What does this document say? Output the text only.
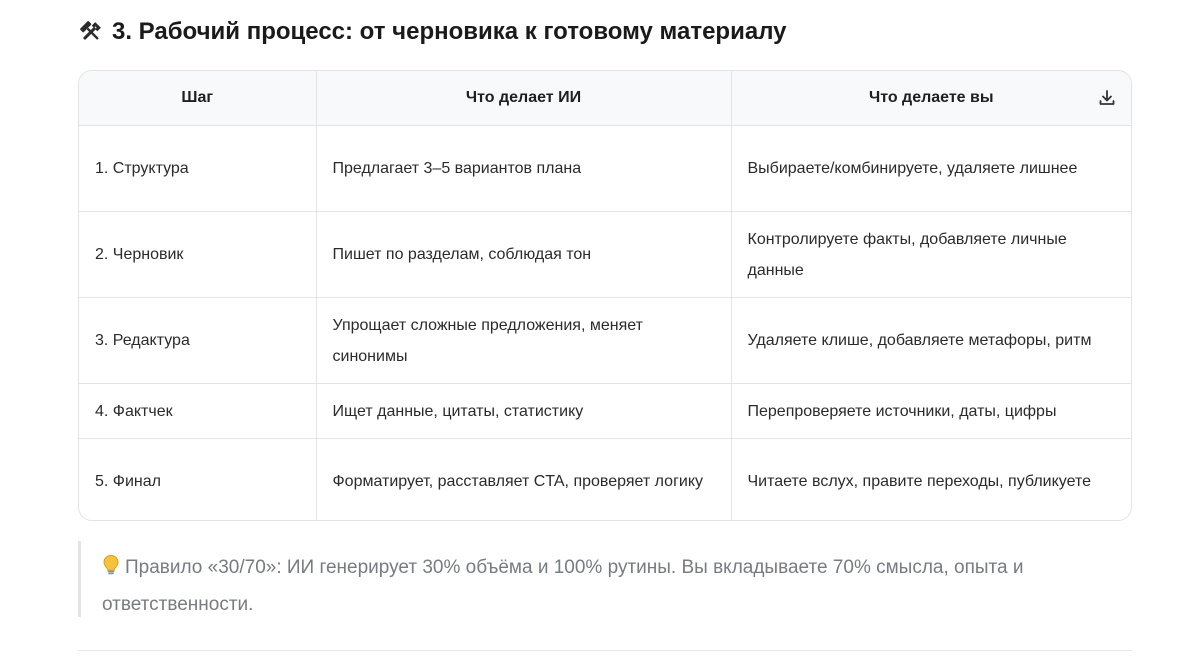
3. Рабочий процесс: от черновика к готовому материалу
Шаг	Что делает ИИ	Что делаете вы

1. Структура	Предлагает 3–5 вариантов плана	Выбираете/комбинируете, удаляете лишнее
2. Черновик	Пишет по разделам, соблюдая тон	Контролируете факты, добавляете личные данные
3. Редактура	Упрощает сложные предложения, меняет синонимы	Удаляете клише, добавляете метафоры, ритм
4. Фактчек	Ищет данные, цитаты, статистику	Перепроверяете источники, даты, цифры
5. Финал	Форматирует, расставляет CTA, проверяет логику	Читаете вслух, правите переходы, публикуете
Правило «30/70»: ИИ генерирует 30% объёма и 100% рутины. Вы вкладываете 70% смысла, опыта и ответственности.
